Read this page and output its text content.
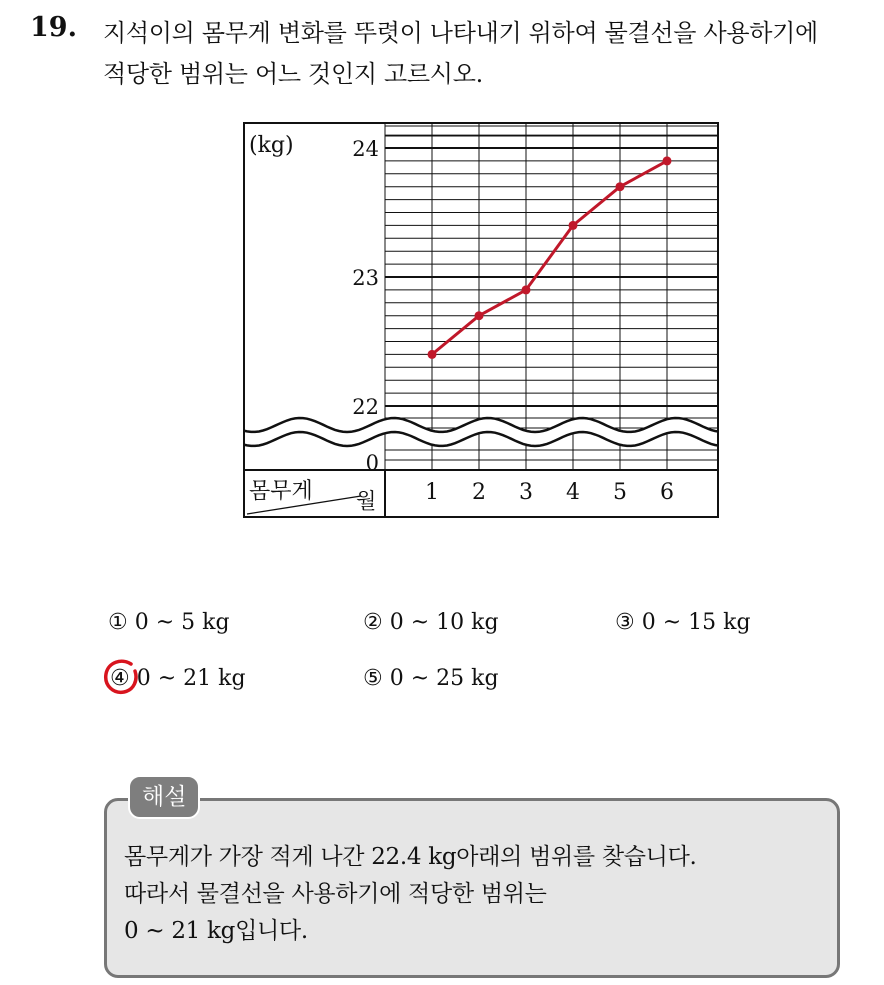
19. 지석이의 몸무게 변화를 뚜렷이 나타내기 위하여 물결선을 사용하기에
적당한 범위는 어느 것인지 고르시오.
24
23
22
0
(kg)
1 2 3 4 5 6
몸무게 월
① 0 ~ 5 kg	② 0 ~ 10 kg	③ 0 ~ 15 kg
④ 0 ~ 21 kg	⑤ 0 ~ 25 kg
해설
몸무게가 가장 적게 나간 22.4 kg아래의 범위를 찾습니다.
따라서 물결선을 사용하기에 적당한 범위는
0 ~ 21 kg입니다.
